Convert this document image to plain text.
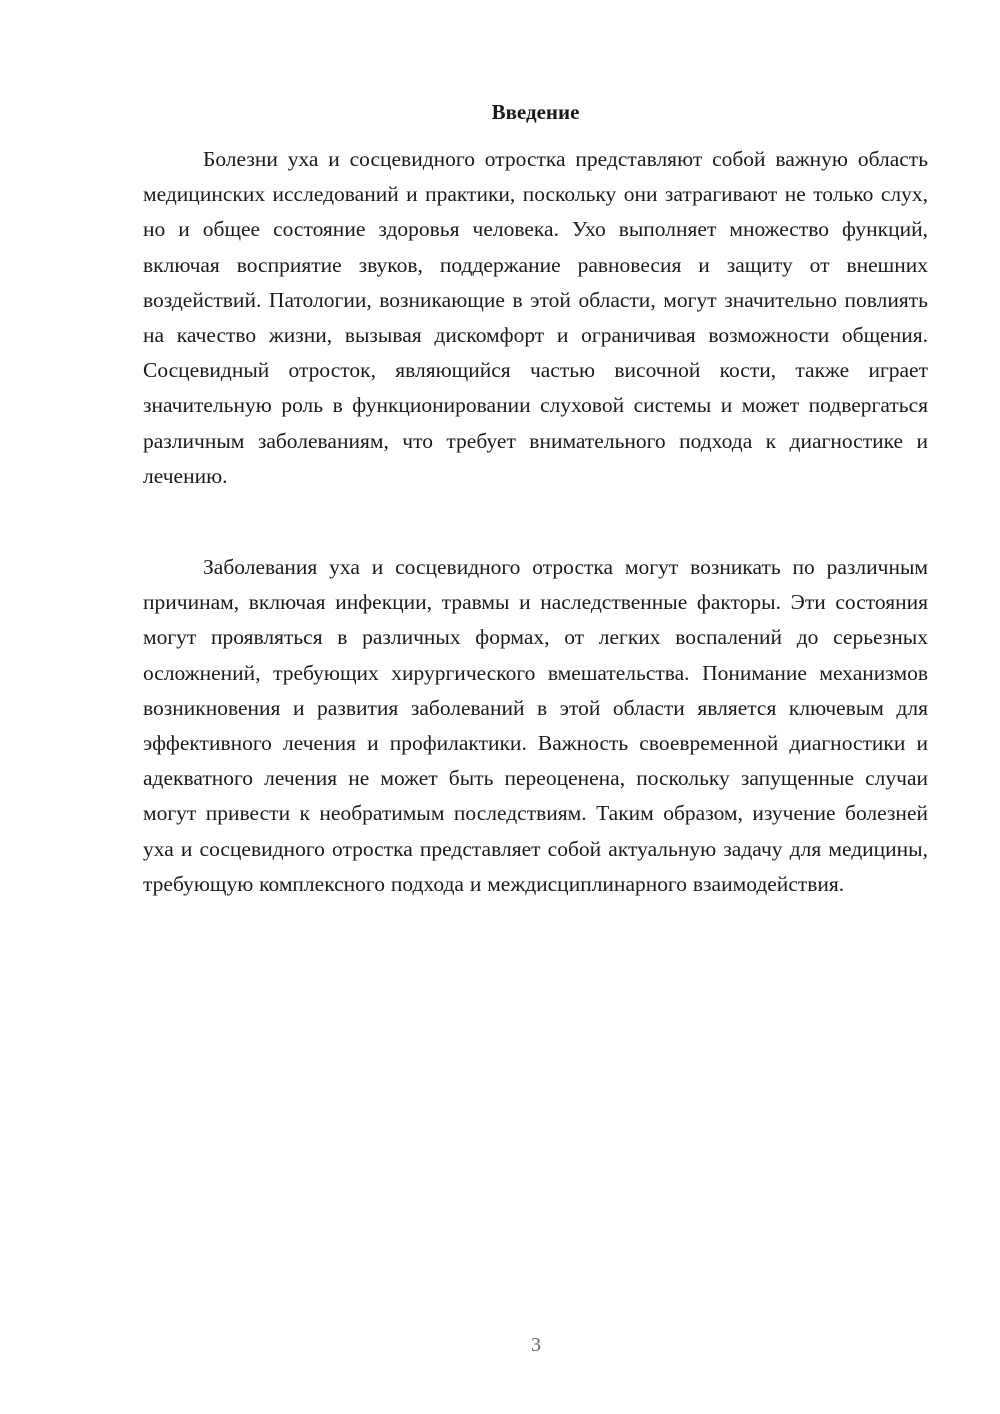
Введение

Болезни уха и сосцевидного отростка представляют собой важную область медицинских исследований и практики, поскольку они затрагивают не только слух, но и общее состояние здоровья человека. Ухо выполняет множество функций, включая восприятие звуков, поддержание равновесия и защиту от внешних воздействий. Патологии, возникающие в этой области, могут значительно повлиять на качество жизни, вызывая дискомфорт и ограничивая возможности общения. Сосцевидный отросток, являющийся частью височной кости, также играет значительную роль в функционировании слуховой системы и может подвергаться различным заболеваниям, что требует внимательного подхода к диагностике и лечению.

Заболевания уха и сосцевидного отростка могут возникать по различным причинам, включая инфекции, травмы и наследственные факторы. Эти состояния могут проявляться в различных формах, от легких воспалений до серьезных осложнений, требующих хирургического вмешательства. Понимание механизмов возникновения и развития заболеваний в этой области является ключевым для эффективного лечения и профилактики. Важность своевременной диагностики и адекватного лечения не может быть переоценена, поскольку запущенные случаи могут привести к необратимым последствиям. Таким образом, изучение болезней уха и сосцевидного отростка представляет собой актуальную задачу для медицины, требующую комплексного подхода и междисциплинарного взаимодействия.

3
